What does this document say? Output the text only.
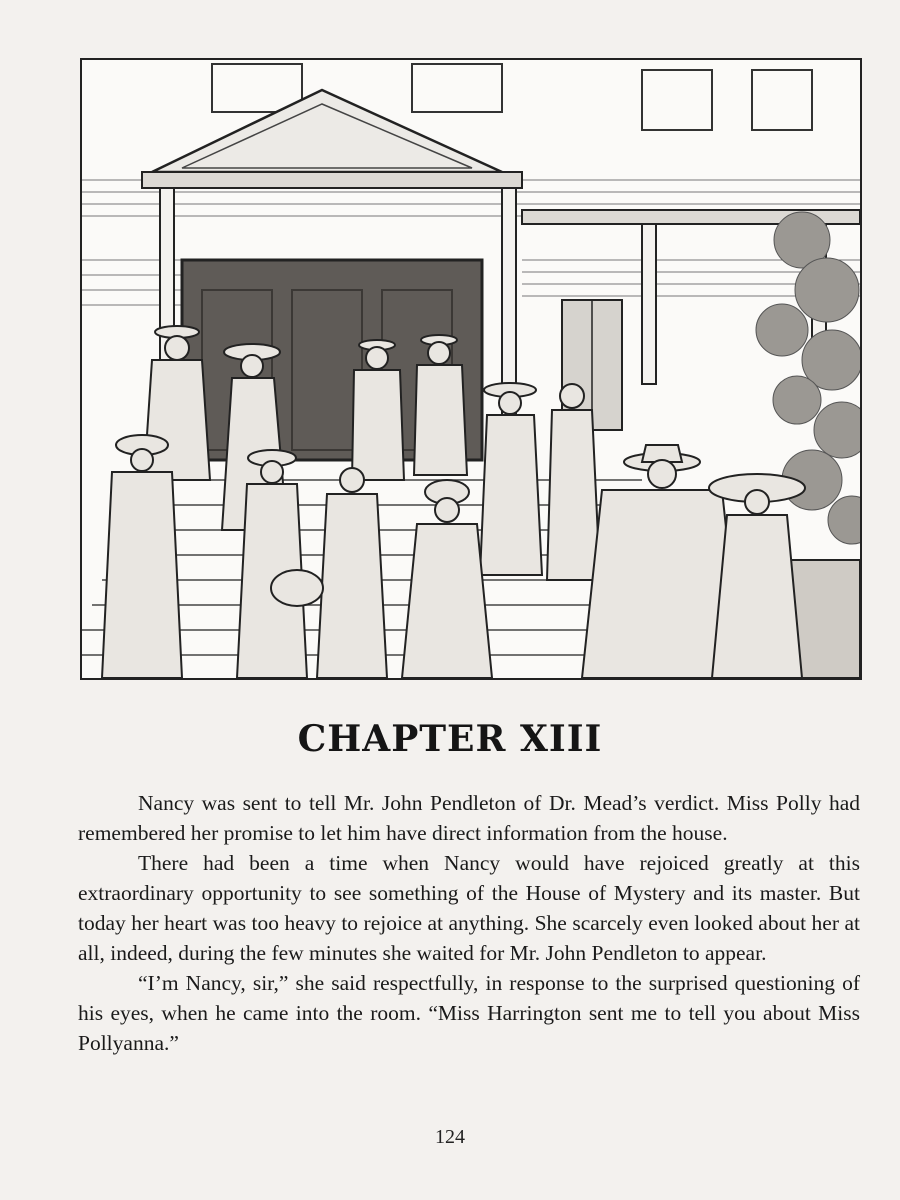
CHAPTER XIII

Nancy was sent to tell Mr. John Pendleton of Dr. Mead’s verdict. Miss Polly had remembered her promise to let him have direct information from the house.

There had been a time when Nancy would have rejoiced greatly at this extraordinary opportunity to see something of the House of Mystery and its master. But today her heart was too heavy to rejoice at anything. She scarcely even looked about her at all, indeed, during the few minutes she waited for Mr. John Pendleton to appear.

“I’m Nancy, sir,” she said respectfully, in response to the surprised questioning of his eyes, when he came into the room. “Miss Harrington sent me to tell you about Miss Pollyanna.”

124
